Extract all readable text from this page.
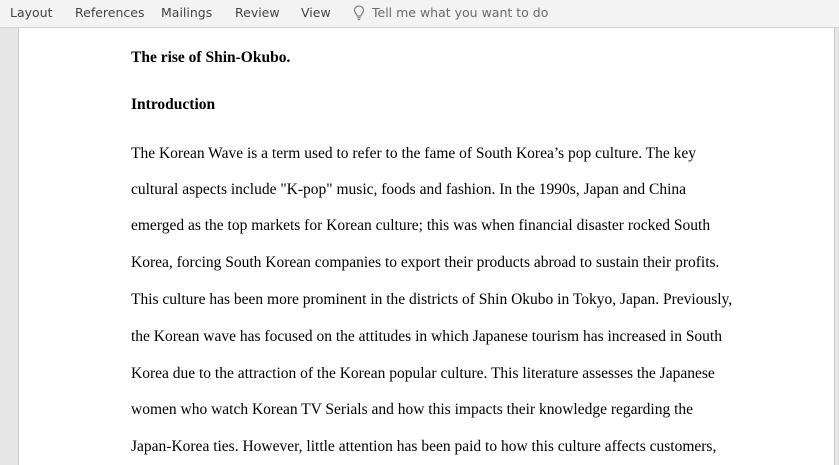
Layout References Mailings Review View	Tell me what you want to do
The rise of Shin-Okubo.
Introduction
The Korean Wave is a term used to refer to the fame of South Korea’s pop culture. The key
cultural aspects include "K-pop" music, foods and fashion. In the 1990s, Japan and China
emerged as the top markets for Korean culture; this was when financial disaster rocked South
Korea, forcing South Korean companies to export their products abroad to sustain their profits.
This culture has been more prominent in the districts of Shin Okubo in Tokyo, Japan. Previously,
the Korean wave has focused on the attitudes in which Japanese tourism has increased in South
Korea due to the attraction of the Korean popular culture. This literature assesses the Japanese
women who watch Korean TV Serials and how this impacts their knowledge regarding the
Japan-Korea ties. However, little attention has been paid to how this culture affects customers,
